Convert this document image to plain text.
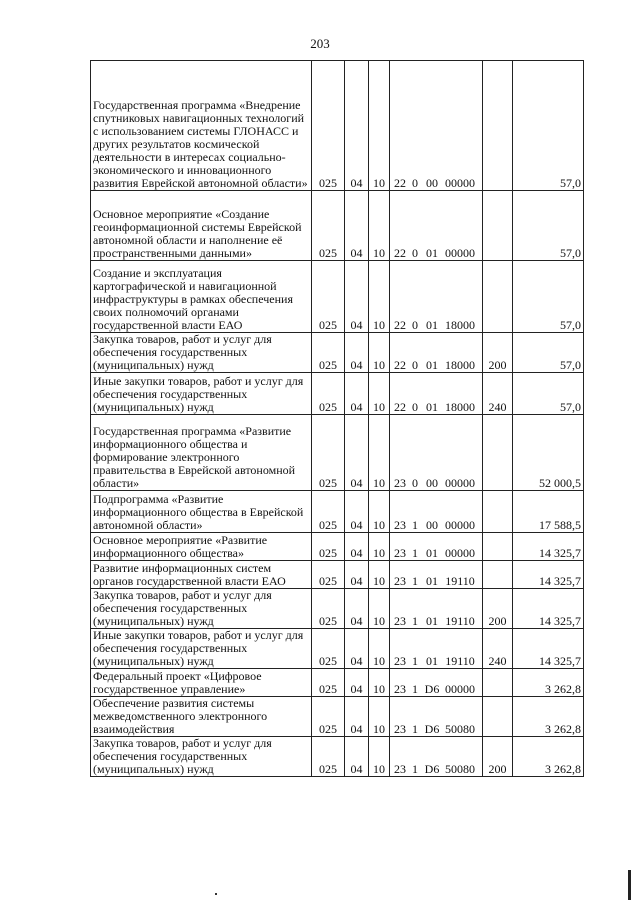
203
Государственная программа «Внедрение спутниковых навигационных технологий с использованием системы ГЛОНАСС и других результатов космической деятельности в интересах социально-экономического и инновационного развития Еврейской автономной области»	025	04	10	22 0 00 00000		57,0
Основное мероприятие «Создание геоинформационной системы Еврейской автономной области и наполнение её пространственными данными»	025	04	10	22 0 01 00000		57,0
Создание и эксплуатация картографической и навигационной инфраструктуры в рамках обеспечения своих полномочий органами государственной власти ЕАО	025	04	10	22 0 01 18000		57,0
Закупка товаров, работ и услуг для обеспечения государственных (муниципальных) нужд	025	04	10	22 0 01 18000	200	57,0
Иные закупки товаров, работ и услуг для обеспечения государственных (муниципальных) нужд	025	04	10	22 0 01 18000	240	57,0
Государственная программа «Развитие информационного общества и формирование электронного правительства в Еврейской автономной области»	025	04	10	23 0 00 00000		52 000,5
Подпрограмма «Развитие информационного общества в Еврейской автономной области»	025	04	10	23 1 00 00000		17 588,5
Основное мероприятие «Развитие информационного общества»	025	04	10	23 1 01 00000		14 325,7
Развитие информационных систем органов государственной власти ЕАО	025	04	10	23 1 01 19110		14 325,7
Закупка товаров, работ и услуг для обеспечения государственных (муниципальных) нужд	025	04	10	23 1 01 19110	200	14 325,7
Иные закупки товаров, работ и услуг для обеспечения государственных (муниципальных) нужд	025	04	10	23 1 01 19110	240	14 325,7
Федеральный проект «Цифровое государственное управление»	025	04	10	23 1 D6 00000		3 262,8
Обеспечение развития системы межведомственного электронного взаимодействия	025	04	10	23 1 D6 50080		3 262,8
Закупка товаров, работ и услуг для обеспечения государственных (муниципальных) нужд	025	04	10	23 1 D6 50080	200	3 262,8
